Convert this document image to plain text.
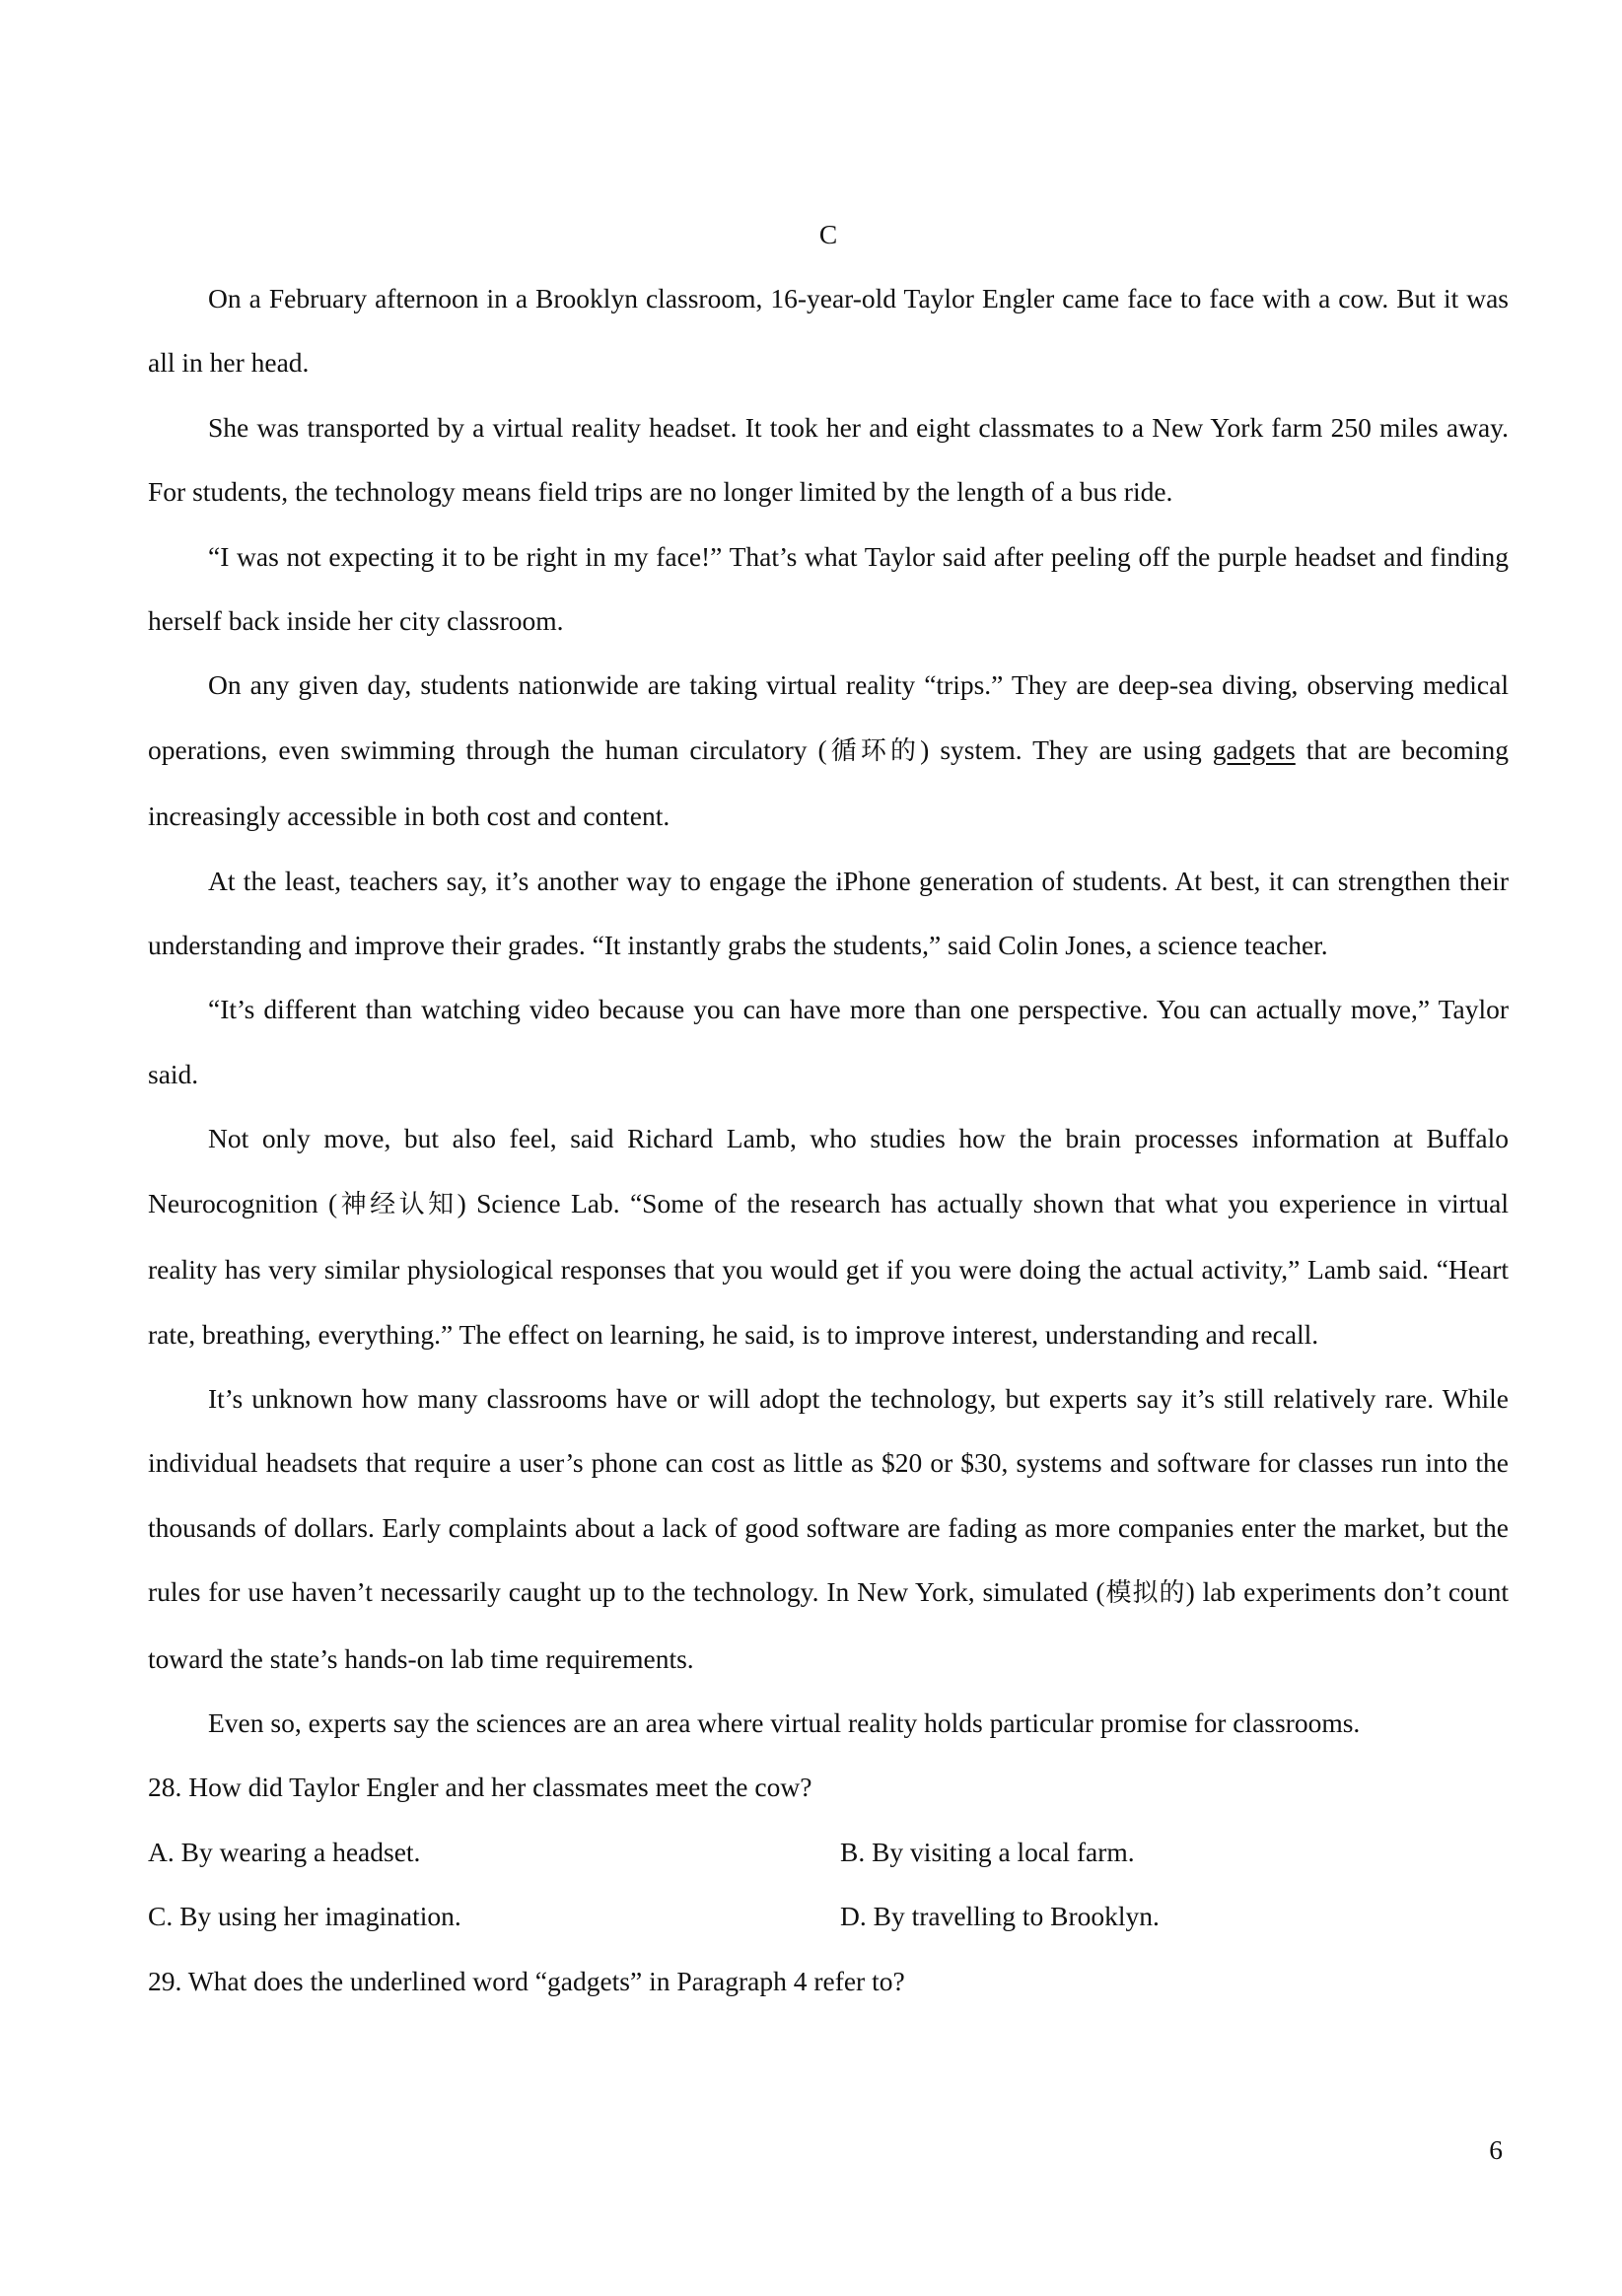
C

On a February afternoon in a Brooklyn classroom, 16-year-old Taylor Engler came face to face with a cow. But it was all in her head.

She was transported by a virtual reality headset. It took her and eight classmates to a New York farm 250 miles away. For students, the technology means field trips are no longer limited by the length of a bus ride.

“I was not expecting it to be right in my face!” That’s what Taylor said after peeling off the purple headset and finding herself back inside her city classroom.

On any given day, students nationwide are taking virtual reality “trips.” They are deep-sea diving, observing medical operations, even swimming through the human circulatory (循环的) system. They are using gadgets that are becoming increasingly accessible in both cost and content.

At the least, teachers say, it’s another way to engage the iPhone generation of students. At best, it can strengthen their understanding and improve their grades. “It instantly grabs the students,” said Colin Jones, a science teacher.

“It’s different than watching video because you can have more than one perspective. You can actually move,” Taylor said.

Not only move, but also feel, said Richard Lamb, who studies how the brain processes information at Buffalo Neurocognition (神经认知) Science Lab. “Some of the research has actually shown that what you experience in virtual reality has very similar physiological responses that you would get if you were doing the actual activity,” Lamb said. “Heart rate, breathing, everything.” The effect on learning, he said, is to improve interest, understanding and recall.

It’s unknown how many classrooms have or will adopt the technology, but experts say it’s still relatively rare. While individual headsets that require a user’s phone can cost as little as $20 or $30, systems and software for classes run into the thousands of dollars. Early complaints about a lack of good software are fading as more companies enter the market, but the rules for use haven’t necessarily caught up to the technology. In New York, simulated (模拟的) lab experiments don’t count toward the state’s hands-on lab time requirements.

Even so, experts say the sciences are an area where virtual reality holds particular promise for classrooms.

28. How did Taylor Engler and her classmates meet the cow?

A. By wearing a headset.	B. By visiting a local farm.
C. By using her imagination.	D. By travelling to Brooklyn.

29. What does the underlined word “gadgets” in Paragraph 4 refer to?

6
